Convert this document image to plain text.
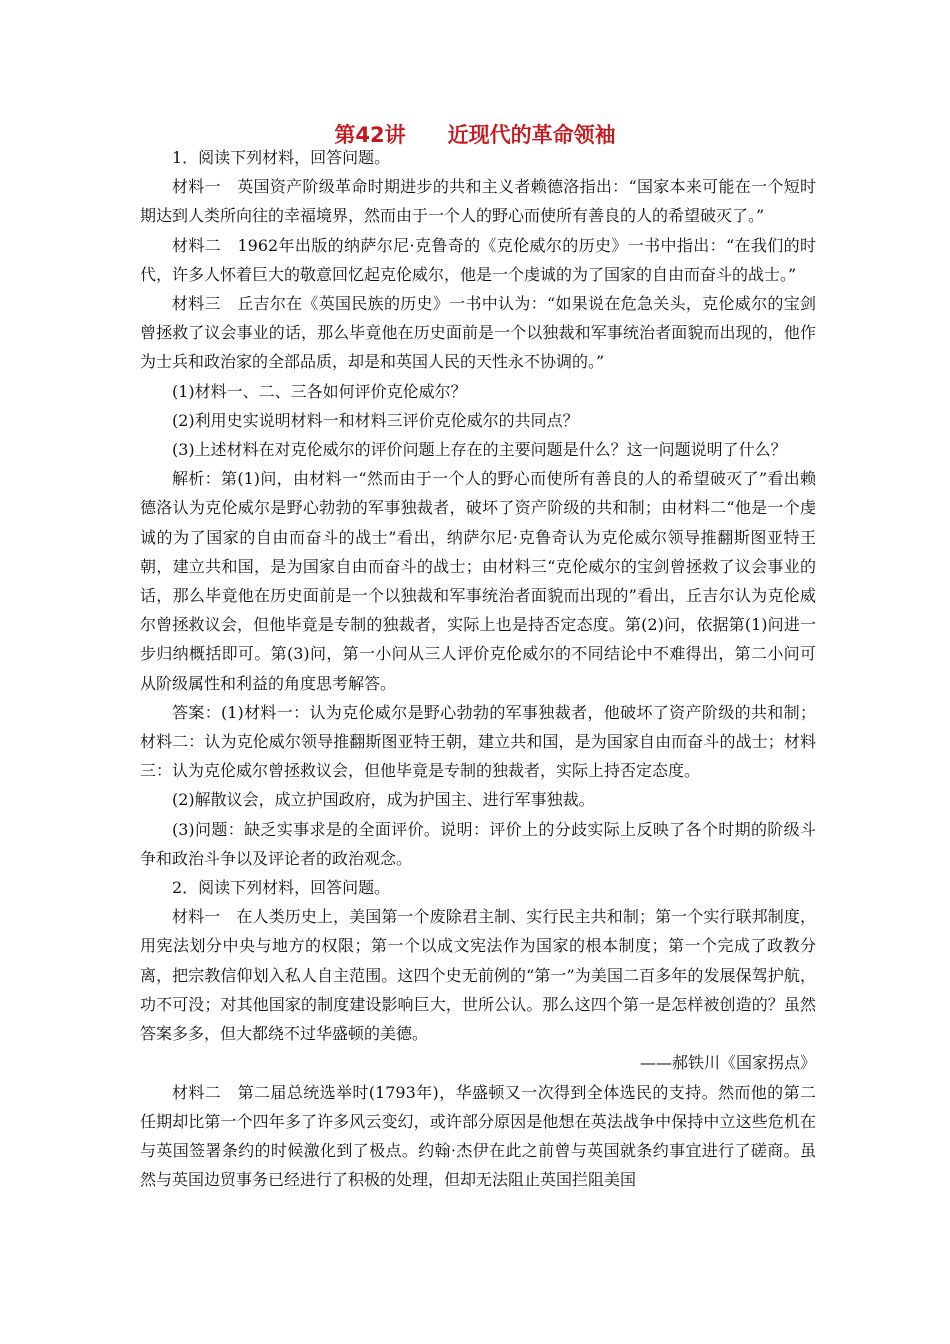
第42讲　　近现代的革命领袖

1．阅读下列材料，回答问题。

材料一　英国资产阶级革命时期进步的共和主义者赖德洛指出：“国家本来可能在一个短时期达到人类所向往的幸福境界，然而由于一个人的野心而使所有善良的人的希望破灭了。”

材料二　1962年出版的纳萨尔尼·克鲁奇的《克伦威尔的历史》一书中指出：“在我们的时代，许多人怀着巨大的敬意回忆起克伦威尔，他是一个虔诚的为了国家的自由而奋斗的战士。”

材料三　丘吉尔在《英国民族的历史》一书中认为：“如果说在危急关头，克伦威尔的宝剑曾拯救了议会事业的话，那么毕竟他在历史面前是一个以独裁和军事统治者面貌而出现的，他作为士兵和政治家的全部品质，却是和英国人民的天性永不协调的。”

(1)材料一、二、三各如何评价克伦威尔？

(2)利用史实说明材料一和材料三评价克伦威尔的共同点？

(3)上述材料在对克伦威尔的评价问题上存在的主要问题是什么？这一问题说明了什么？

解析：第(1)问，由材料一“然而由于一个人的野心而使所有善良的人的希望破灭了”看出赖德洛认为克伦威尔是野心勃勃的军事独裁者，破坏了资产阶级的共和制；由材料二“他是一个虔诚的为了国家的自由而奋斗的战士”看出，纳萨尔尼·克鲁奇认为克伦威尔领导推翻斯图亚特王朝，建立共和国，是为国家自由而奋斗的战士；由材料三“克伦威尔的宝剑曾拯救了议会事业的话，那么毕竟他在历史面前是一个以独裁和军事统治者面貌而出现的”看出，丘吉尔认为克伦威尔曾拯救议会，但他毕竟是专制的独裁者，实际上也是持否定态度。第(2)问，依据第(1)问进一步归纳概括即可。第(3)问，第一小问从三人评价克伦威尔的不同结论中不难得出，第二小问可从阶级属性和利益的角度思考解答。

答案：(1)材料一：认为克伦威尔是野心勃勃的军事独裁者，他破坏了资产阶级的共和制；材料二：认为克伦威尔领导推翻斯图亚特王朝，建立共和国，是为国家自由而奋斗的战士；材料三：认为克伦威尔曾拯救议会，但他毕竟是专制的独裁者，实际上持否定态度。

(2)解散议会，成立护国政府，成为护国主、进行军事独裁。

(3)问题：缺乏实事求是的全面评价。说明：评价上的分歧实际上反映了各个时期的阶级斗争和政治斗争以及评论者的政治观念。

2．阅读下列材料，回答问题。

材料一　在人类历史上，美国第一个废除君主制、实行民主共和制；第一个实行联邦制度，用宪法划分中央与地方的权限；第一个以成文宪法作为国家的根本制度；第一个完成了政教分离，把宗教信仰划入私人自主范围。这四个史无前例的“第一”为美国二百多年的发展保驾护航，功不可没；对其他国家的制度建设影响巨大，世所公认。那么这四个第一是怎样被创造的？虽然答案多多，但大都绕不过华盛顿的美德。

——郝铁川《国家拐点》

材料二　第二届总统选举时(1793年)，华盛顿又一次得到全体选民的支持。然而他的第二任期却比第一个四年多了许多风云变幻，或许部分原因是他想在英法战争中保持中立这些危机在与英国签署条约的时候激化到了极点。约翰·杰伊在此之前曾与英国就条约事宜进行了磋商。虽然与英国边贸事务已经进行了积极的处理，但却无法阻止英国拦阻美国
